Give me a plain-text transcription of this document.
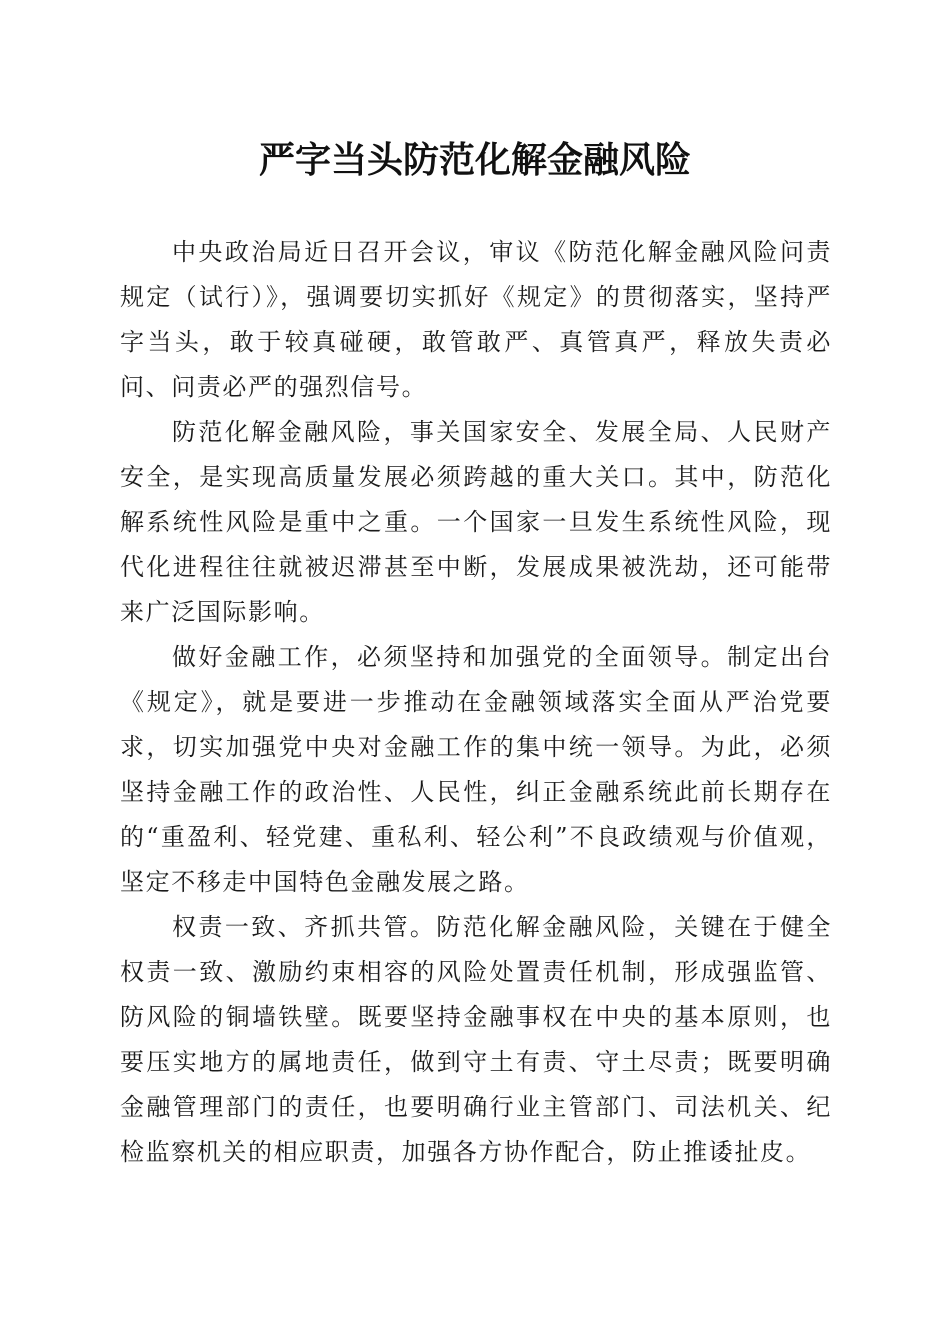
严字当头防范化解金融风险

中央政治局近日召开会议，审议《防范化解金融风险问责规定（试行）》，强调要切实抓好《规定》的贯彻落实，坚持严字当头，敢于较真碰硬，敢管敢严、真管真严，释放失责必问、问责必严的强烈信号。

防范化解金融风险，事关国家安全、发展全局、人民财产安全，是实现高质量发展必须跨越的重大关口。其中，防范化解系统性风险是重中之重。一个国家一旦发生系统性风险，现代化进程往往就被迟滞甚至中断，发展成果被洗劫，还可能带来广泛国际影响。

做好金融工作，必须坚持和加强党的全面领导。制定出台《规定》，就是要进一步推动在金融领域落实全面从严治党要求，切实加强党中央对金融工作的集中统一领导。为此，必须坚持金融工作的政治性、人民性，纠正金融系统此前长期存在的“重盈利、轻党建、重私利、轻公利”不良政绩观与价值观，坚定不移走中国特色金融发展之路。

权责一致、齐抓共管。防范化解金融风险，关键在于健全权责一致、激励约束相容的风险处置责任机制，形成强监管、防风险的铜墙铁壁。既要坚持金融事权在中央的基本原则，也要压实地方的属地责任，做到守土有责、守土尽责；既要明确金融管理部门的责任，也要明确行业主管部门、司法机关、纪检监察机关的相应职责，加强各方协作配合，防止推诿扯皮。
